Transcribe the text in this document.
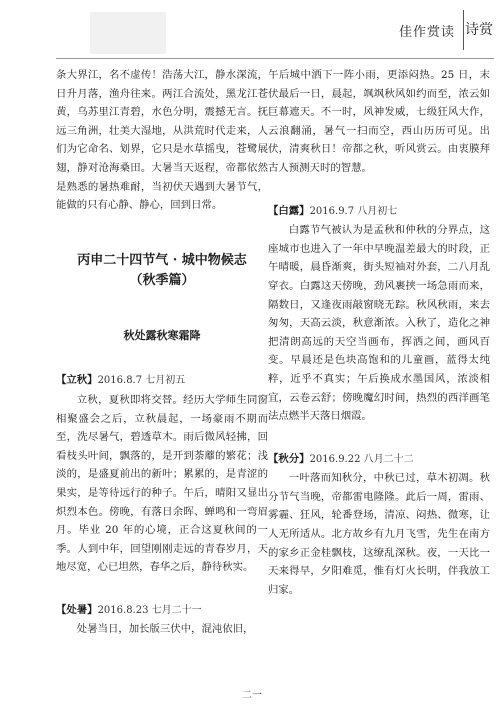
佳作赏读 诗赏

条大界江，名不虚传！浩荡大江，静水深流，日升月落，渔舟往来。两江合流处，黑龙江苍黄，乌苏里江青碧，水色分明，震撼无言。抚远三角洲，壮美大湿地，从洪荒时代走来，人们为它命名、划界，它只是水草摇曳，苍鹭展翅，静对沧海桑田。大暑当天返程，帝都依然是熟悉的暑热难耐，当初伏天遇到大暑节气，能做的只有心静、静心，回到日常。

丙申二十四节气 · 城中物候志
（秋季篇）
秋处露秋寒霜降
【立秋】2016.8.7 七月初五

立秋，夏秋即将交替。经历大学师生同窗相聚盛会之后，立秋晨起，一场豪雨不期而至，洗尽暑气，碧透草木。雨后微风轻拂，回看枝头叶间，飘落的，是开到荼蘼的繁花；浅淡的，是盛夏前出的新叶；累累的，是青涩的果实，是等待远行的种子。午后，晴阳又显出炽烈本色。傍晚，有落日余晖、蝉鸣和一弯眉月。毕业 20 年的心境，正合这夏秋间的一季。人到中年，回望刚刚走远的青春岁月，天地尽宽，心已坦然，春华之后，静待秋实。

【处暑】2016.8.23 七月二十一

处暑当日，加长版三伏中，混沌依旧，

午后城中洒下一阵小雨，更添闷热。25 日，末伏最后一日，晨起，飒飒秋风如约而至，浓云如巨幕遮天。不一时，风神发威，七级狂风大作，云浪翻涌，暑气一扫而空，西山历历可见。出伏，清爽秋日！帝都之秋，听风赏云。由衷膜拜古人预测天时的智慧。

【白露】2016.9.7 八月初七

白露节气被认为是孟秋和仲秋的分界点，这座城市也进入了一年中早晚温差最大的时段，正午晴暖，晨昏渐爽，街头短袖对外套，二八月乱穿衣。白露这天傍晚，劲风裹挟一场急雨而来，隔数日，又逢夜雨敲窗晓无踪。秋风秋雨，来去匆匆，天高云淡，秋意渐浓。入秋了，造化之神把清朗高远的天空当画布，挥洒之间，画风百变。早晨还是色块高饱和的儿童画，蓝得太纯粹，近乎不真实；午后换成水墨国风，浓淡相宜，云卷云舒；傍晚魔幻时间，热烈的西洋画笔法点燃半天落日烟霞。

【秋分】2016.9.22 八月二十二

一叶落而知秋分，中秋已过，草木初凋。秋分节气当晚，帝都雷电隆隆。此后一周，雷雨、雾霾、狂风，轮番登场，清凉、闷热、微寒，让人无所适从。北方故乡有九月飞雪，先生在南方的家乡正金桂飘枝，这缭乱深秋。夜，一天比一天来得早，夕阳难觅，惟有灯火长明，伴我放工归家。

二一
